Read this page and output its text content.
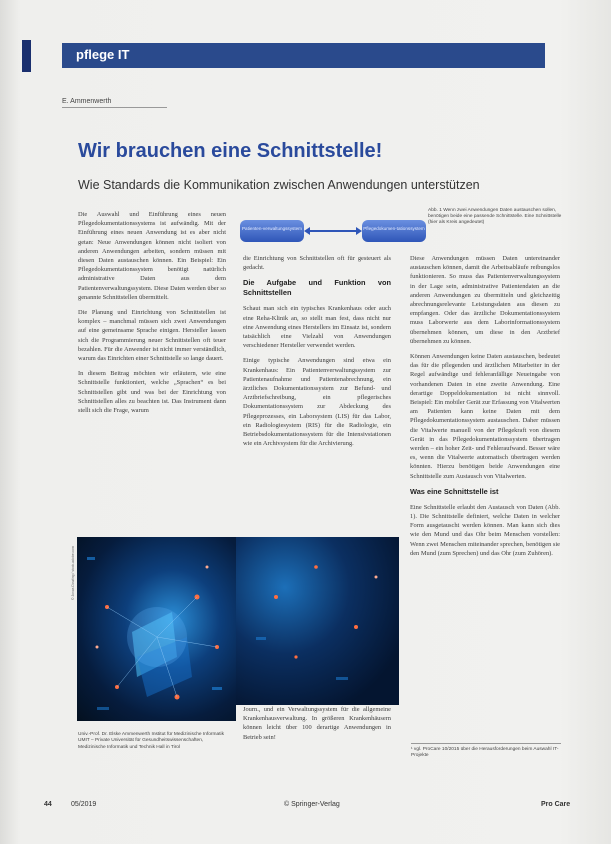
pflege IT
E. Ammenwerth
Wir brauchen eine Schnittstelle!
Wie Standards die Kommunikation zwischen Anwendungen unterstützen

Die Auswahl und Einführung eines neuen Pflegedokumentationssystems ist aufwändig. Mit der Einführung eines neuen Anwendung ist es aber nicht getan: Neue Anwendungen können nicht isoliert von anderen Anwendungen arbeiten, sondern müssen mit diesen Daten austauschen können. Ein Beispiel: Ein Pflegedokumentationssystem benötigt natürlich administrative Daten aus dem Patientenverwaltungssystem. Diese Daten werden über so genannte Schnittstellen übermittelt.

Die Planung und Einrichtung von Schnittstellen ist komplex – manchmal müssen sich zwei Anwendungen auf eine gemeinsame Sprache einigen. Hersteller lassen sich die Programmierung neuer Schnittstellen oft teuer bezahlen. Für die Anwender ist nicht immer verständlich, warum das Einrichten einer Schnittstelle so lange dauert.

In diesem Beitrag möchten wir erläutern, wie eine Schnittstelle funktioniert, welche „Sprachen“ es bei Schnittstellen gibt und was bei der Einrichtung von Schnittstellen alles zu beachten ist. Das Instrument dann stellt sich die Frage, warum

Patienten-verwaltungssystem	Pflegedokumen-tationssystem
Abb. 1 Wenn zwei Anwendungen Daten austauschen sollen, benötigen beide eine passende Schnittstelle. Eine Schnittstelle (hier als Kreis angedeutet)

die Einrichtung von Schnittstellen oft für gesteuert als gedacht.

Die Aufgabe und Funktion von Schnittstellen

Schaut man sich ein typisches Krankenhaus oder auch eine Reha-Klinik an, so stellt man fest, dass nicht nur eine Anwendung eines Herstellers im Einsatz ist, sondern tatsächlich eine Vielzahl von Anwendungen verschiedener Hersteller verwendet werden.

Einige typische Anwendungen sind etwa ein Krankenhaus: Ein Patientenverwaltungssystem zur Patientenaufnahme und Patientenabrechnung, ein ärztliches Dokumentationssystem zur Befund- und Arztbriefschreibung, ein pflegerisches Dokumentationssystem zur Abdeckung des Pflegeprozesses, ein Laborsystem (LIS) für das Labor, ein Radiologiesystem (RIS) für die Radiologie, ein Betriebsdokumentationssystem für die Intensivstationen wie ein Archivsystem für die Archivierung.

Diese Anwendungen müssen Daten untereinander austauschen können, damit die Arbeitsabläufe reibungslos funktionieren. So muss das Patientenverwaltungssystem in der Lage sein, administrative Patientendaten an die anderen Anwendungen zu übermitteln und gleichzeitig abrechnungsrelevante Leistungsdaten aus diesen zu empfangen. Oder das ärztliche Dokumentationssystem muss Laborwerte aus dem Laborinformationssystem übernehmen können, um diese in den Arztbrief übernehmen zu können.

Können Anwendungen keine Daten austauschen, bedeutet das für die pflegenden und ärztlichen Mitarbeiter in der Regel aufwändige und fehleranfällige Neueingabe von vorhandenen Daten in eine zweite Anwendung. Eine derartige Doppeldokumentation ist nicht sinnvoll. Beispiel: Ein mobiler Gerät zur Erfassung von Vitalwerten am Patienten kann keine Daten mit dem Pflegedokumentationssystem austauschen. Daher müssen die Vitalwerte manuell von der Pflegekraft von diesem Gerät in das Pflegedokumentationssystem übertragen werden – ein hoher Zeit- und Fehleraufwand. Besser wäre es, wenn die Vitalwerte automatisch übertragen werden könnten. Hierzu benötigen beide Anwendungen eine Schnittstelle zum Austausch von Vitalwerten.

Was eine Schnittstelle ist

Eine Schnittstelle erlaubt den Austausch von Daten (Abb. 1). Die Schnittstelle definiert, welche Daten in welcher Form ausgetauscht werden können. Man kann sich dies wie den Mund und das Ohr beim Menschen vorstellen: Wenn zwei Menschen miteinander sprechen, benötigen sie den Mund (zum Sprechen) und das Ohr (zum Zuhören).

© Jonas Dowling / stock.adobe.com
Journ., und ein Verwaltungssystem für die allgemeine Krankenhausverwaltung. In größeren Krankenhäusern können leicht über 100 derartige Anwendungen in Betrieb sein!
Univ.-Prof. Dr. Elske Ammenwerth Institut für Medizinische Informatik UMIT – Private Universität für Gesundheitswissenschaften, Medizinische Informatik und Technik Hall in Tirol	¹ vgl. ProCare 10/2015 über die Herausforderungen beim Auswahl IT-Projekte
44	05/2019	© Springer-Verlag	Pro Care
